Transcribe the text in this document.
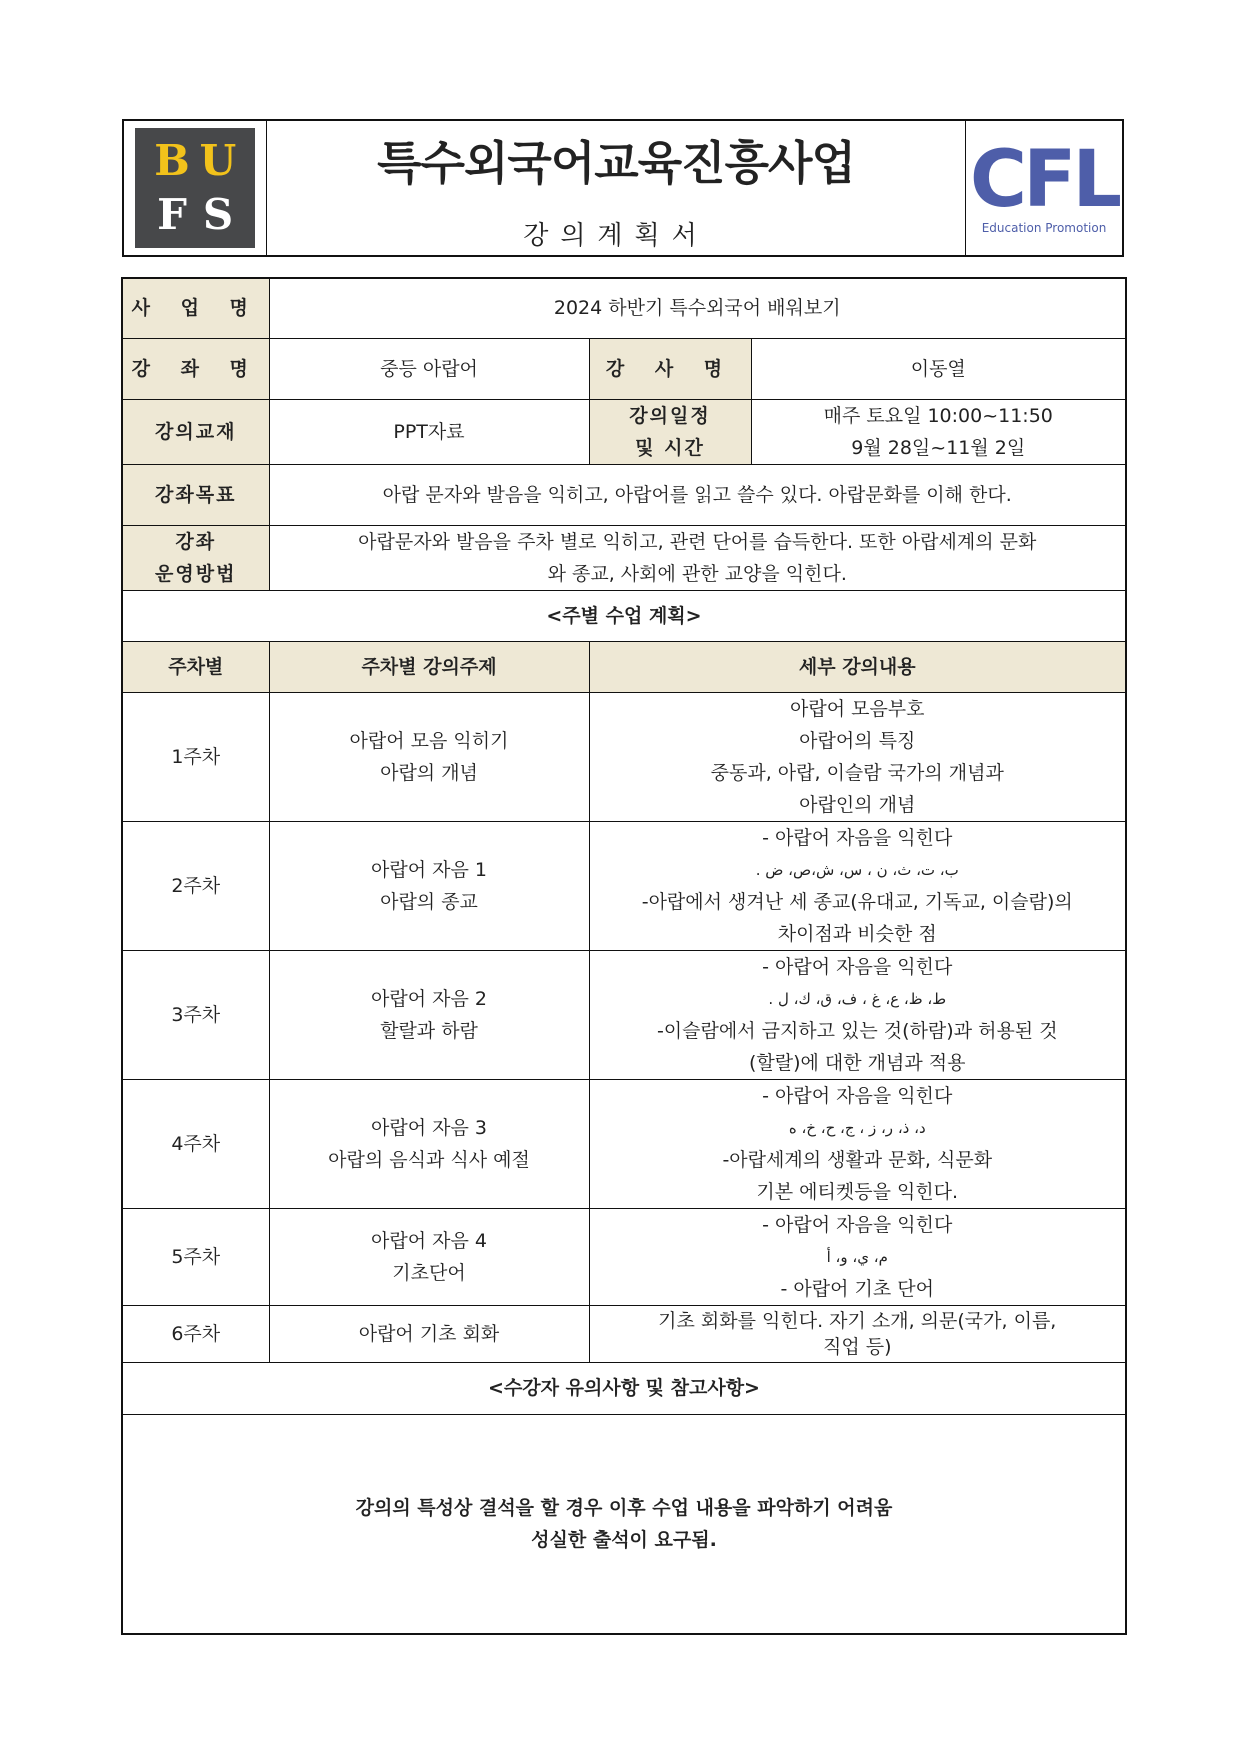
B U
F S
특수외국어교육진흥사업
강의계획서
CFL
Education Promotion
사 업 명	2024 하반기 특수외국어 배워보기		
강 좌 명	중등 아랍어	강 사 명	이동열
강의교재	PPT자료	강의일정
및 시간	매주 토요일 10:00~11:50
9월 28일~11월 2일

강좌목표	아랍 문자와 발음을 익히고, 아랍어를 읽고 쓸수 있다. 아랍문화를 이해 한다.		

강좌
운영방법	아랍문자와 발음을 주차 별로 익히고, 관련 단어를 습득한다. 또한 아랍세계의 문화
와 종교, 사회에 관한 교양을 익힌다.		

<주별 수업 계획>			
주차별	주차별 강의주제	세부 강의내용	
1주차	아랍어 모음 익히기
아랍의 개념	아랍어 모음부호
아랍어의 특징
중동과, 아랍, 이슬람 국가의 개념과
아랍인의 개념	

2주차	아랍어 자음 1
아랍의 종교	- 아랍어 자음을 익힌다
ب، ت، ث، ن ، س، ش،ص، ض .
-아랍에서 생겨난 세 종교(유대교, 기독교, 이슬람)의
차이점과 비슷한 점	

3주차	아랍어 자음 2
할랄과 하람	- 아랍어 자음을 익힌다
ط، ظ، ع، غ ، ف، ق، ك، ل .
-이슬람에서 금지하고 있는 것(하람)과 허용된 것
(할랄)에 대한 개념과 적용	

4주차	아랍어 자음 3
아랍의 음식과 식사 예절	- 아랍어 자음을 익힌다
د، ذ، ر، ز ، ج، ح، خ، ه
-아랍세계의 생활과 문화, 식문화
기본 에티켓등을 익힌다.	

5주차	아랍어 자음 4
기초단어	- 아랍어 자음을 익힌다
م، ي، و، أ
- 아랍어 기초 단어	

6주차	아랍어 기초 회화	기초 회화를 익힌다. 자기 소개, 의문(국가, 이름,
직업 등)	

<수강자 유의사항 및 참고사항>			

강의의 특성상 결석을 할 경우 이후 수업 내용을 파악하기 어려움
성실한 출석이 요구됨.			
